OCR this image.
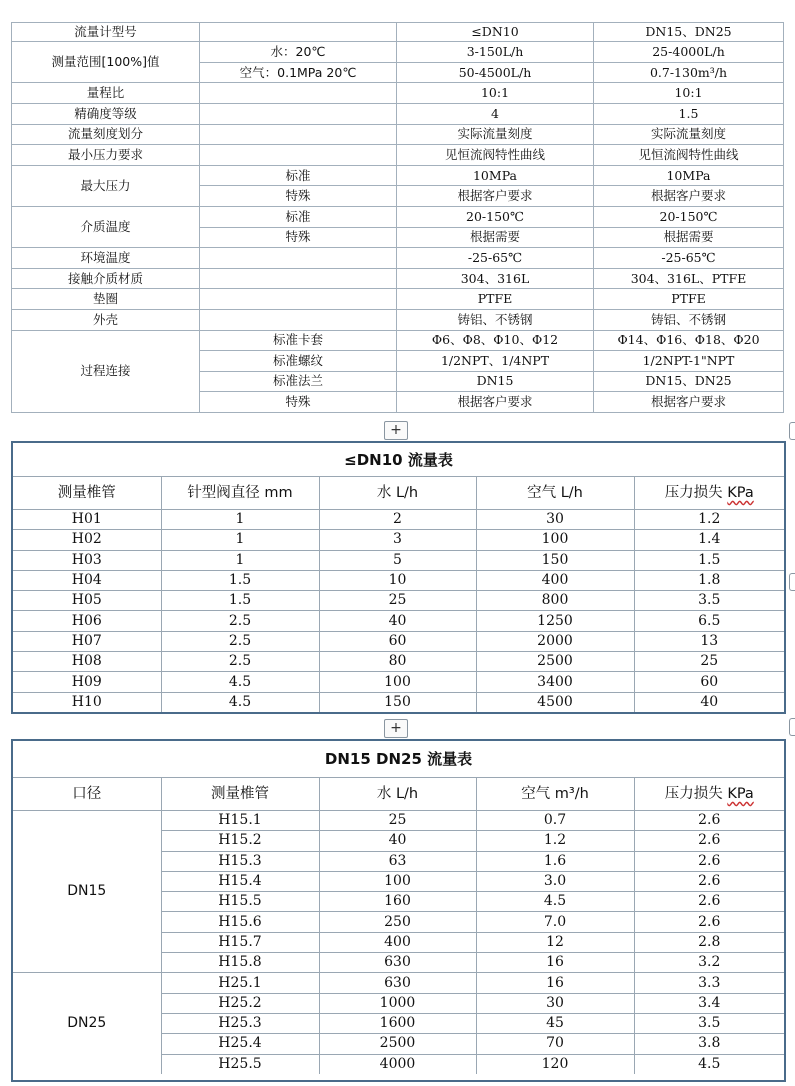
流量计型号		≤DN10	DN15、DN25
测量范围[100%]值	水：20℃	3-150L/h	25-4000L/h
	空气：0.1MPa 20℃	50-4500L/h	0.7-130m³/h
量程比		10:1	10:1
精确度等级		4	1.5
流量刻度划分		实际流量刻度	实际流量刻度
最小压力要求		见恒流阀特性曲线	见恒流阀特性曲线
最大压力	标准	10MPa	10MPa
	特殊	根据客户要求	根据客户要求
介质温度	标准	20-150℃	20-150℃
	特殊	根据需要	根据需要
环境温度		-25-65℃	-25-65℃
接触介质材质		304、316L	304、316L、PTFE
垫圈		PTFE	PTFE
外壳		铸铝、不锈钢	铸铝、不锈钢
过程连接	标准卡套	Φ6、Φ8、Φ10、Φ12	Φ14、Φ16、Φ18、Φ20
	标准螺纹	1/2NPT、1/4NPT	1/2NPT-1"NPT
	标准法兰	DN15	DN15、DN25
	特殊	根据客户要求	根据客户要求
+
+
≤DN10 流量表				
测量椎管	针型阀直径 mm	水 L/h	空气 L/h	压力损失 KPa
H01	1	2	30	1.2
H02	1	3	100	1.4
H03	1	5	150	1.5
H04	1.5	10	400	1.8
H05	1.5	25	800	3.5
H06	2.5	40	1250	6.5
H07	2.5	60	2000	13
H08	2.5	80	2500	25
H09	4.5	100	3400	60
H10	4.5	150	4500	40
DN15 DN25 流量表				
口径	测量椎管	水 L/h	空气 m³/h	压力损失 KPa
DN15	H15.1	25	0.7	2.6
	H15.2	40	1.2	2.6
	H15.3	63	1.6	2.6
	H15.4	100	3.0	2.6
	H15.5	160	4.5	2.6
	H15.6	250	7.0	2.6
	H15.7	400	12	2.8
	H15.8	630	16	3.2
DN25	H25.1	630	16	3.3
	H25.2	1000	30	3.4
	H25.3	1600	45	3.5
	H25.4	2500	70	3.8
	H25.5	4000	120	4.5
